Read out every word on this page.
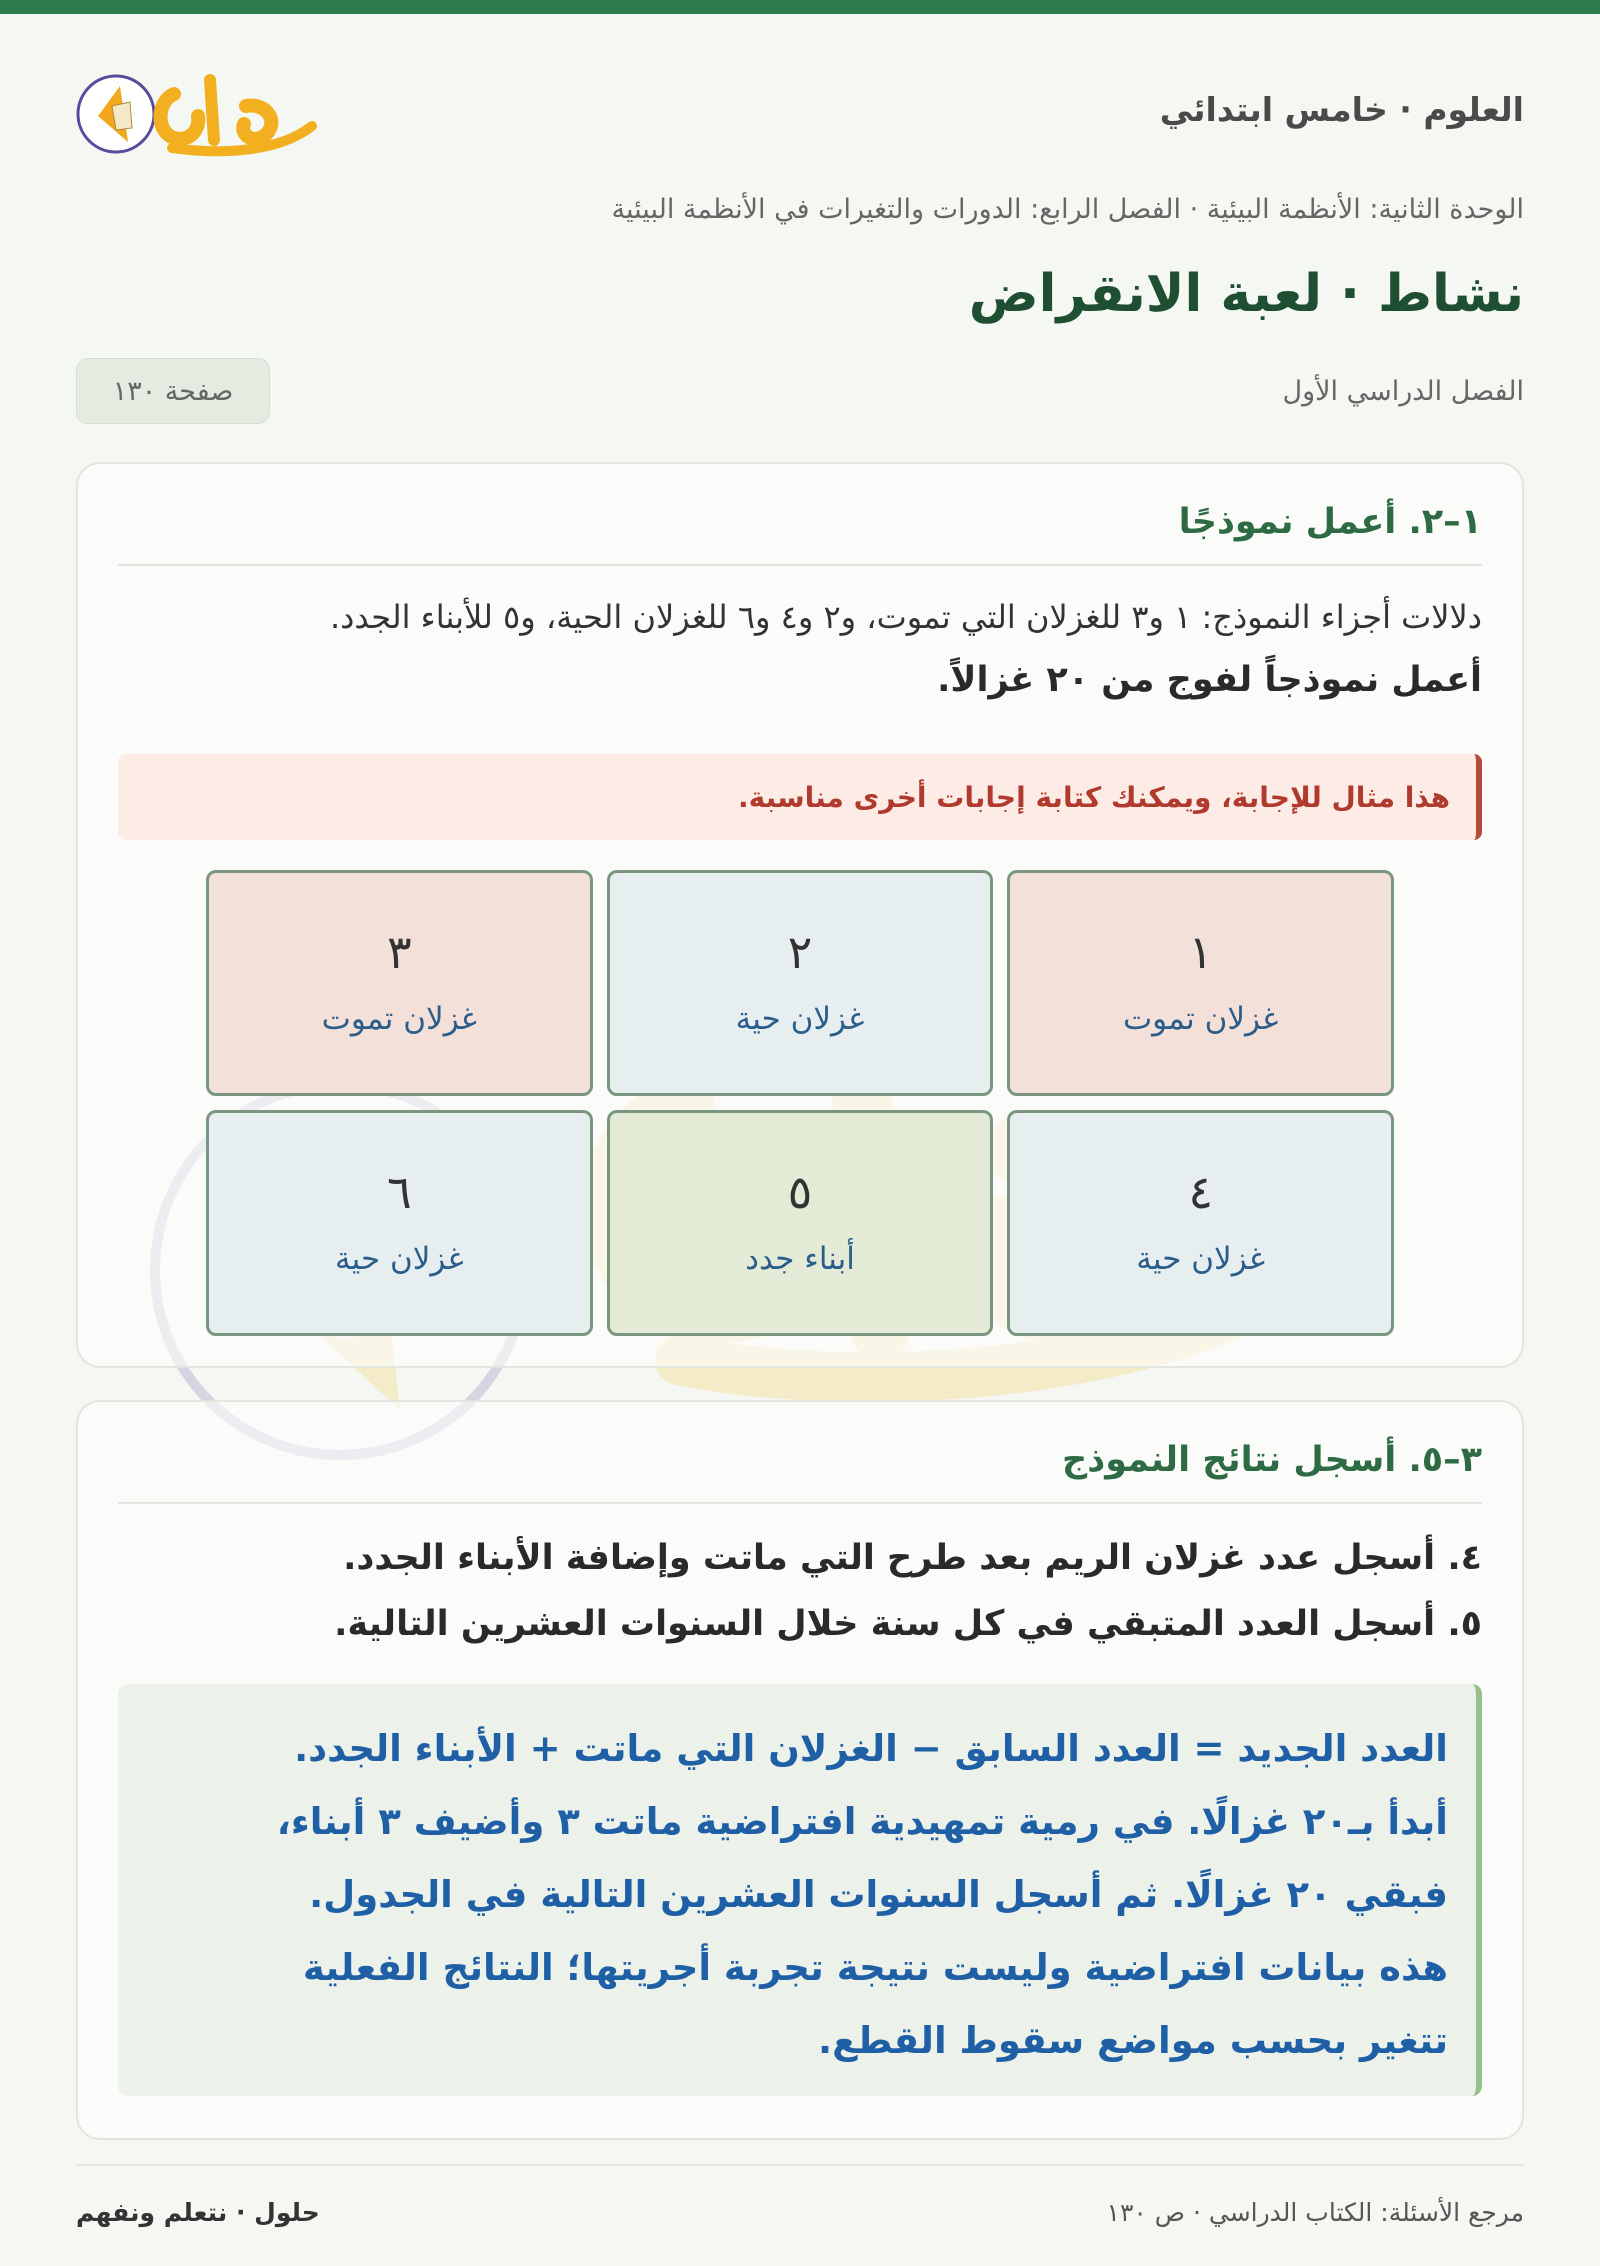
العلوم · خامس ابتدائي
الوحدة الثانية: الأنظمة البيئية · الفصل الرابع: الدورات والتغيرات في الأنظمة البيئية
نشاط · لعبة الانقراض
الفصل الدراسي الأول
صفحة ١٣٠
١–٢. أعمل نموذجًا
دلالات أجزاء النموذج: ١ و٣ للغزلان التي تموت، و٢ و٤ و٦ للغزلان الحية، و٥ للأبناء الجدد.
أعمل نموذجاً لفوج من ٢٠ غزالاً.
هذا مثال للإجابة، ويمكنك كتابة إجابات أخرى مناسبة.
١
غزلان تموت
٢
غزلان حية
٣
غزلان تموت
٤
غزلان حية
٥
أبناء جدد
٦
غزلان حية
٣–٥. أسجل نتائج النموذج
٤. أسجل عدد غزلان الريم بعد طرح التي ماتت وإضافة الأبناء الجدد.
٥. أسجل العدد المتبقي في كل سنة خلال السنوات العشرين التالية.
العدد الجديد = العدد السابق − الغزلان التي ماتت + الأبناء الجدد.
أبدأ بـ٢٠ غزالًا. في رمية تمهيدية افتراضية ماتت ٣ وأضيف ٣ أبناء،
فبقي ٢٠ غزالًا. ثم أسجل السنوات العشرين التالية في الجدول.
هذه بيانات افتراضية وليست نتيجة تجربة أجريتها؛ النتائج الفعلية
تتغير بحسب مواضع سقوط القطع.
مرجع الأسئلة: الكتاب الدراسي · ص ١٣٠
حلول · نتعلم ونفهم
